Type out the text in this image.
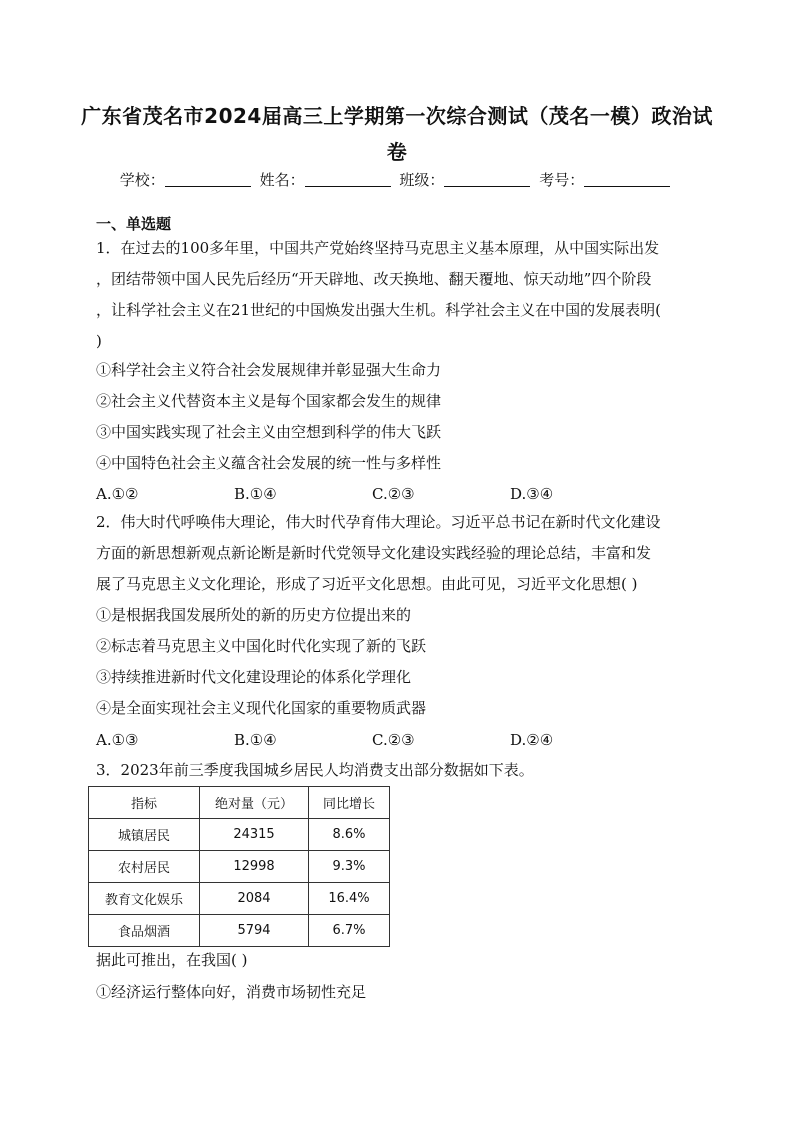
广东省茂名市2024届高三上学期第一次综合测试（茂名一模）政治试
卷
学校：	姓名：	班级：	考号：
一、单选题
1．在过去的100多年里，中国共产党始终坚持马克思主义基本原理，从中国实际出发
，团结带领中国人民先后经历“开天辟地、改天换地、翻天覆地、惊天动地”四个阶段
，让科学社会主义在21世纪的中国焕发出强大生机。科学社会主义在中国的发展表明(
)
①科学社会主义符合社会发展规律并彰显强大生命力
②社会主义代替资本主义是每个国家都会发生的规律
③中国实践实现了社会主义由空想到科学的伟大飞跃
④中国特色社会主义蕴含社会发展的统一性与多样性
A.①②	B.①④	C.②③	D.③④
2．伟大时代呼唤伟大理论，伟大时代孕育伟大理论。习近平总书记在新时代文化建设
方面的新思想新观点新论断是新时代党领导文化建设实践经验的理论总结，丰富和发
展了马克思主义文化理论，形成了习近平文化思想。由此可见，习近平文化思想( )
①是根据我国发展所处的新的历史方位提出来的
②标志着马克思主义中国化时代化实现了新的飞跃
③持续推进新时代文化建设理论的体系化学理化
④是全面实现社会主义现代化国家的重要物质武器
A.①③	B.①④	C.②③	D.②④
3．2023年前三季度我国城乡居民人均消费支出部分数据如下表。
指标	绝对量（元）	同比增长
城镇居民	24315	8.6%
农村居民	12998	9.3%
教育文化娱乐	2084	16.4%
食品烟酒	5794	6.7%
据此可推出，在我国( )
①经济运行整体向好，消费市场韧性充足
